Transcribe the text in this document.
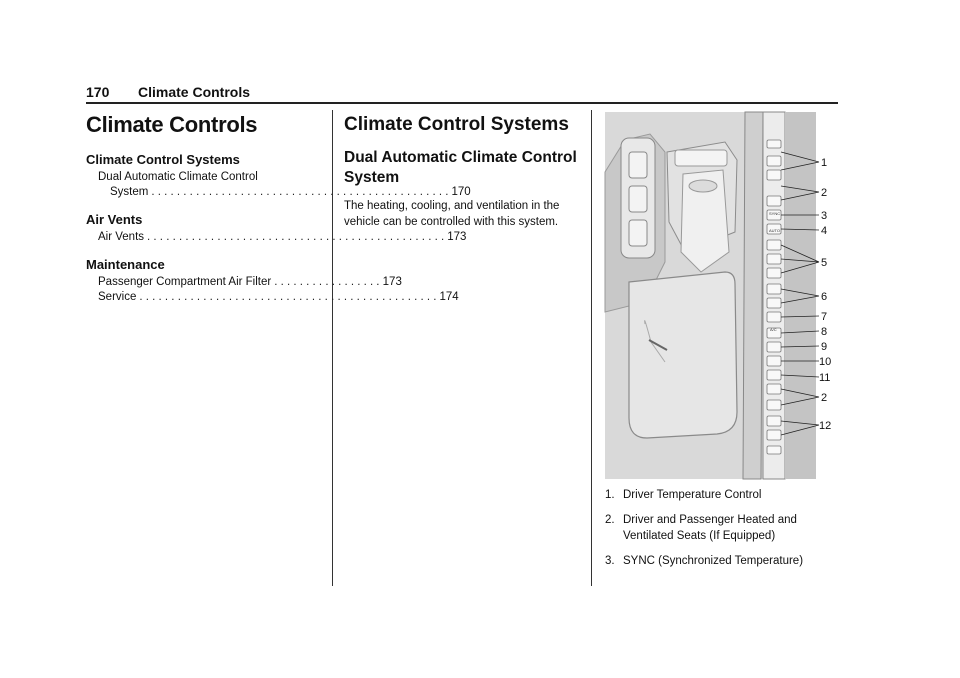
170 Climate Controls
Climate Controls
Climate Control Systems
Dual Automatic Climate Control
System . . . . . . . . . . . . . . . . . . . . . . . . . . . . . . . . . . . . . . . . . . . . . . . 170
Air Vents
Air Vents . . . . . . . . . . . . . . . . . . . . . . . . . . . . . . . . . . . . . . . . . . . . . . . 173
Maintenance
Passenger Compartment Air Filter . . . . . . . . . . . . . . . . . 173
Service . . . . . . . . . . . . . . . . . . . . . . . . . . . . . . . . . . . . . . . . . . . . . . . 174
Climate Control Systems
Dual Automatic Climate Control System

The heating, cooling, and ventilation in the vehicle can be controlled with this system.

SYNC
AUTO
A/C
1
2
3
4
5
6
7
8
9
10
11
2
12
1. Driver Temperature Control
2. Driver and Passenger Heated and Ventilated Seats (If Equipped)
3. SYNC (Synchronized Temperature)
